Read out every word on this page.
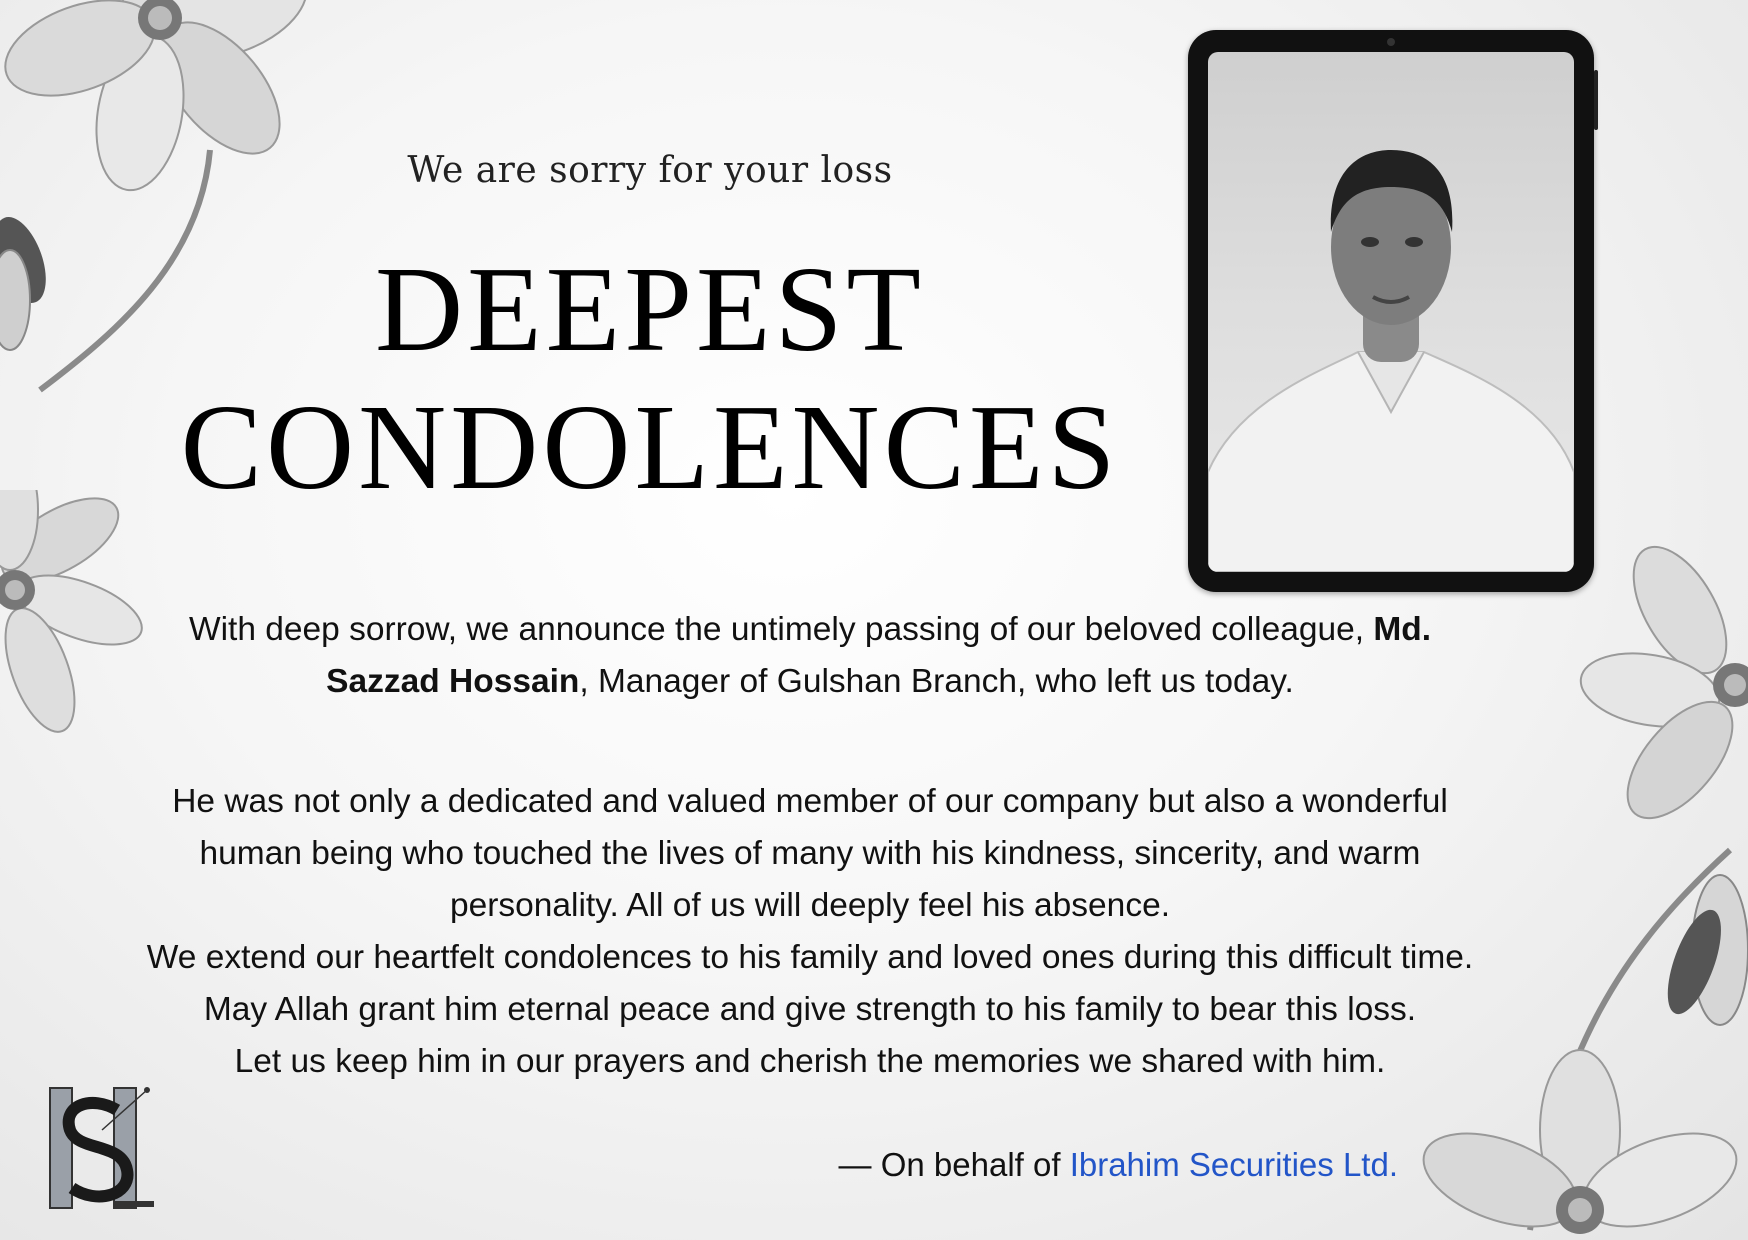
We are sorry for your loss
DEEPEST
CONDOLENCES

With deep sorrow, we announce the untimely passing of our beloved colleague, Md. Sazzad Hossain, Manager of Gulshan Branch, who left us today.

He was not only a dedicated and valued member of our company but also a wonderful human being who touched the lives of many with his kindness, sincerity, and warm personality. All of us will deeply feel his absence.
We extend our heartfelt condolences to his family and loved ones during this difficult time. May Allah grant him eternal peace and give strength to his family to bear this loss.
Let us keep him in our prayers and cherish the memories we shared with him.

— On behalf of Ibrahim Securities Ltd.
